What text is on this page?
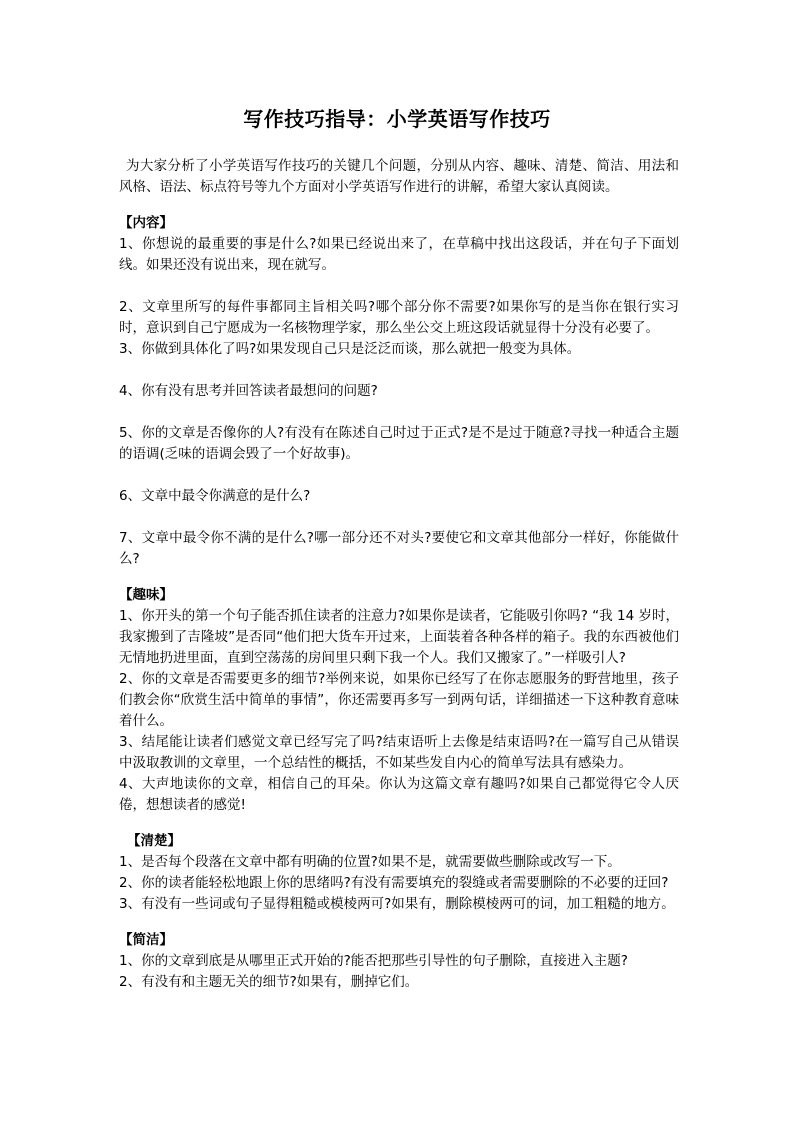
写作技巧指导：小学英语写作技巧

为大家分析了小学英语写作技巧的关键几个问题，分别从内容、趣味、清楚、简洁、用法和风格、语法、标点符号等九个方面对小学英语写作进行的讲解，希望大家认真阅读。

【内容】

1、你想说的最重要的事是什么?如果已经说出来了，在草稿中找出这段话，并在句子下面划线。如果还没有说出来，现在就写。

2、文章里所写的每件事都同主旨相关吗?哪个部分你不需要?如果你写的是当你在银行实习时，意识到自己宁愿成为一名核物理学家，那么坐公交上班这段话就显得十分没有必要了。

3、你做到具体化了吗?如果发现自己只是泛泛而谈，那么就把一般变为具体。

4、你有没有思考并回答读者最想问的问题?

5、你的文章是否像你的人?有没有在陈述自己时过于正式?是不是过于随意?寻找一种适合主题的语调(乏味的语调会毁了一个好故事)。

6、文章中最令你满意的是什么?

7、文章中最令你不满的是什么?哪一部分还不对头?要使它和文章其他部分一样好，你能做什么?

【趣味】

1、你开头的第一个句子能否抓住读者的注意力?如果你是读者，它能吸引你吗? “我 14 岁时，我家搬到了吉隆坡”是否同“他们把大货车开过来，上面装着各种各样的箱子。我的东西被他们无情地扔进里面，直到空荡荡的房间里只剩下我一个人。我们又搬家了。”一样吸引人?

2、你的文章是否需要更多的细节?举例来说，如果你已经写了在你志愿服务的野营地里，孩子们教会你“欣赏生活中简单的事情”，你还需要再多写一到两句话，详细描述一下这种教育意味着什么。

3、结尾能让读者们感觉文章已经写完了吗?结束语听上去像是结束语吗?在一篇写自己从错误中汲取教训的文章里，一个总结性的概括，不如某些发自内心的简单写法具有感染力。

4、大声地读你的文章，相信自己的耳朵。你认为这篇文章有趣吗?如果自己都觉得它令人厌倦，想想读者的感觉!

【清楚】

1、是否每个段落在文章中都有明确的位置?如果不是，就需要做些删除或改写一下。

2、你的读者能轻松地跟上你的思绪吗?有没有需要填充的裂缝或者需要删除的不必要的迂回?

3、有没有一些词或句子显得粗糙或模棱两可?如果有，删除模棱两可的词，加工粗糙的地方。

【简洁】

1、你的文章到底是从哪里正式开始的?能否把那些引导性的句子删除，直接进入主题?

2、有没有和主题无关的细节?如果有，删掉它们。
